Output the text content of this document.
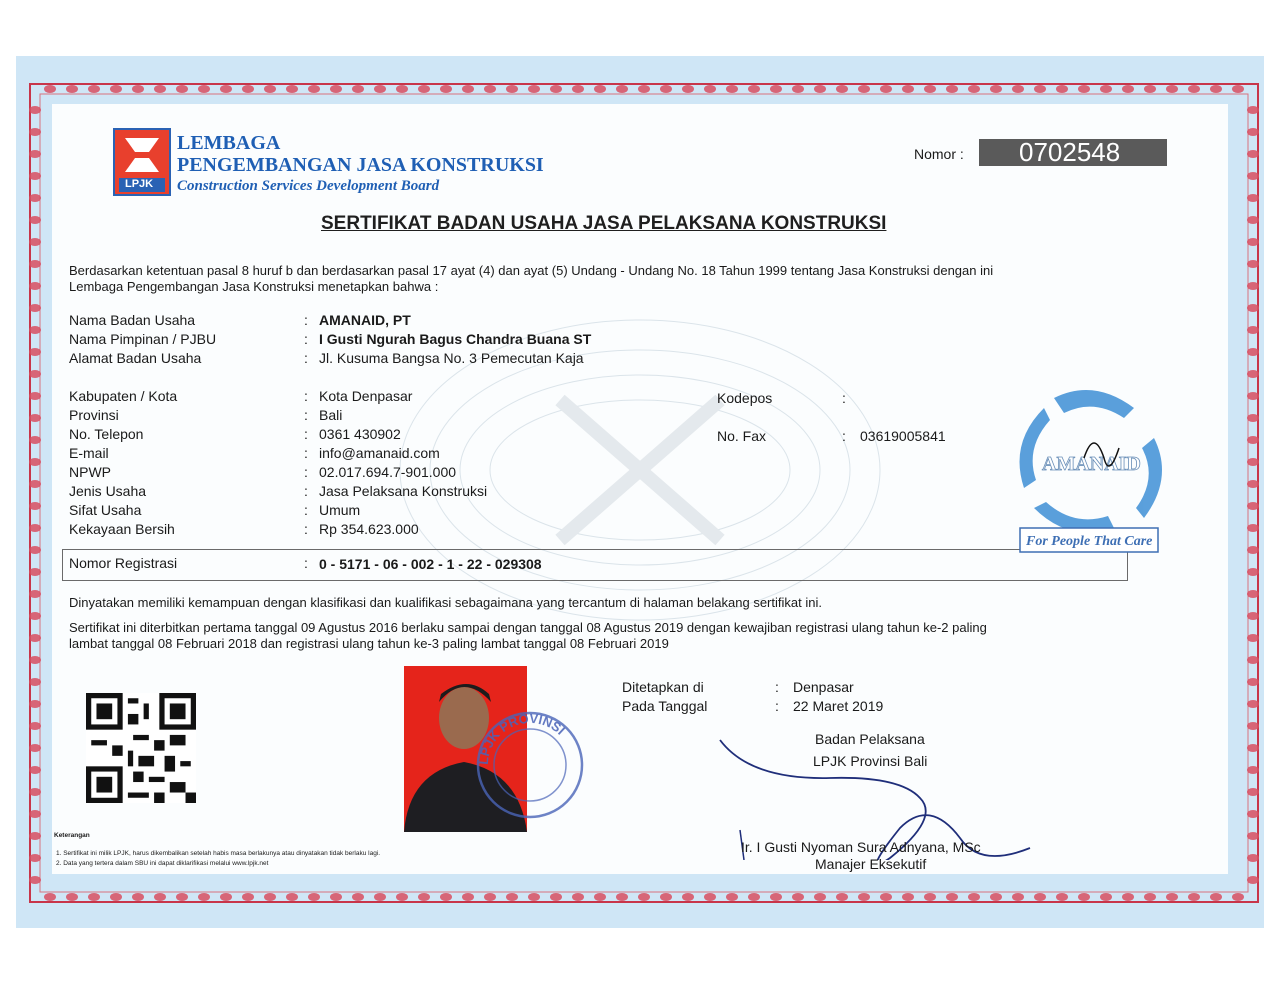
LPJK
LEMBAGA
PENGEMBANGAN JASA KONSTRUKSI
Construction Services Development Board
Nomor : 0702548
SERTIFIKAT BADAN USAHA JASA PELAKSANA KONSTRUKSI
Berdasarkan ketentuan pasal 8 huruf b dan berdasarkan pasal 17 ayat (4) dan ayat (5) Undang - Undang No. 18 Tahun 1999 tentang Jasa Konstruksi dengan ini
Lembaga Pengembangan Jasa Konstruksi menetapkan bahwa :
Nama Badan Usaha	: AMANAID, PT
Nama Pimpinan / PJBU	: I Gusti Ngurah Bagus Chandra Buana ST
Alamat Badan Usaha	: Jl. Kusuma Bangsa No. 3 Pemecutan Kaja
Kabupaten / Kota	: Kota Denpasar
Provinsi	: Bali
No. Telepon	: 0361 430902
E-mail	: info@amanaid.com
NPWP	: 02.017.694.7-901.000
Jenis Usaha	: Jasa Pelaksana Konstruksi
Sifat Usaha	: Umum
Kekayaan Bersih	: Rp 354.623.000
Kodepos	:
No. Fax	: 03619005841
Nomor Registrasi	: 0 - 5171 - 06 - 002 - 1 - 22 - 029308
AMANAID
For People That Care
Dinyatakan memiliki kemampuan dengan klasifikasi dan kualifikasi sebagaimana yang tercantum di halaman belakang sertifikat ini.
Sertifikat ini diterbitkan pertama tanggal 09 Agustus 2016 berlaku sampai dengan tanggal 08 Agustus 2019 dengan kewajiban registrasi ulang tahun ke-2 paling
lambat tanggal 08 Februari 2018 dan registrasi ulang tahun ke-3 paling lambat tanggal 08 Februari 2019
LPJK PROVINSI
Ditetapkan di	: Denpasar
Pada Tanggal	: 22 Maret 2019
Badan Pelaksana
LPJK Provinsi Bali
Ir. I Gusti Nyoman Sura Adnyana, MSc
Manajer Eksekutif
Keterangan
1. Sertifikat ini milik LPJK, harus dikembalikan setelah habis masa berlakunya atau dinyatakan tidak berlaku lagi.
2. Data yang tertera dalam SBU ini dapat diklarifikasi melalui www.lpjk.net
